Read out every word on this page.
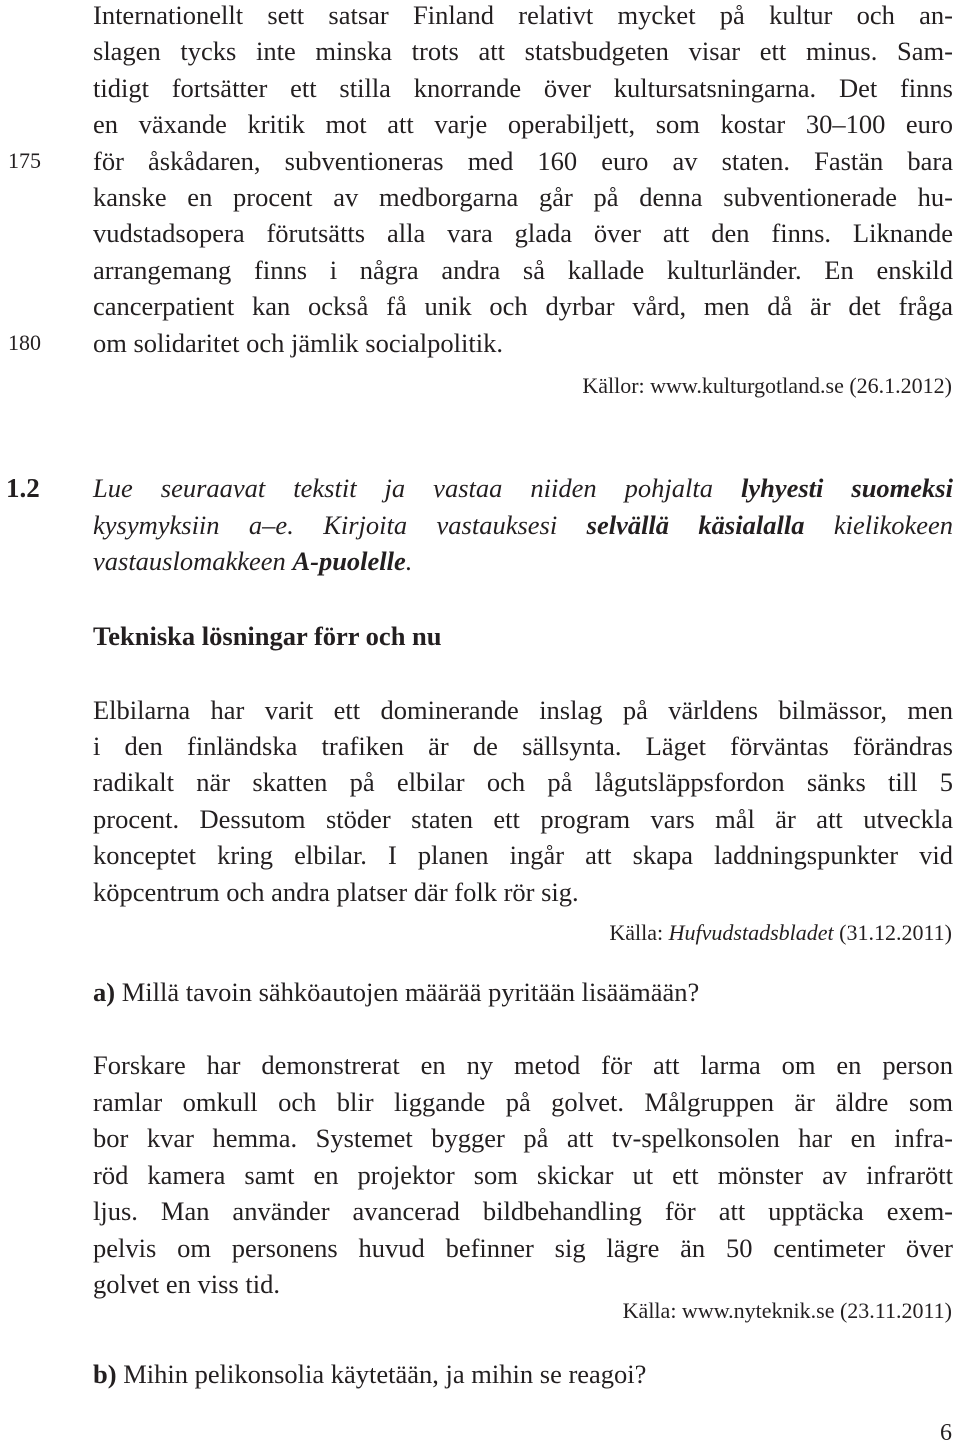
Internationellt sett satsar Finland relativt mycket på kultur och an-
slagen tycks inte minska trots att statsbudgeten visar ett minus. Sam-
tidigt fortsätter ett stilla knorrande över kultursatsningarna. Det finns
en växande kritik mot att varje operabiljett, som kostar 30–100 euro
för åskådaren, subventioneras med 160 euro av staten. Fastän bara
kanske en procent av medborgarna går på denna subventionerade hu-
vudstadsopera förutsätts alla vara glada över att den finns. Liknande
arrangemang finns i några andra så kallade kulturländer. En enskild
cancerpatient kan också få unik och dyrbar vård, men då är det fråga
om solidaritet och jämlik socialpolitik.
175
180
Källor: www.kulturgotland.se (26.1.2012)
1.2 Lue seuraavat tekstit ja vastaa niiden pohjalta lyhyesti suomeksi
kysymyksiin a–e. Kirjoita vastauksesi selvällä käsialalla kielikokeen
vastauslomakkeen A-puolelle.
Tekniska lösningar förr och nu
Elbilarna har varit ett dominerande inslag på världens bilmässor, men
i den finländska trafiken är de sällsynta. Läget förväntas förändras
radikalt när skatten på elbilar och på lågutsläppsfordon sänks till 5
procent. Dessutom stöder staten ett program vars mål är att utveckla
konceptet kring elbilar. I planen ingår att skapa laddningspunkter vid
köpcentrum och andra platser där folk rör sig.
Källa: Hufvudstadsbladet (31.12.2011)
a) Millä tavoin sähköautojen määrää pyritään lisäämään?
Forskare har demonstrerat en ny metod för att larma om en person
ramlar omkull och blir liggande på golvet. Målgruppen är äldre som
bor kvar hemma. Systemet bygger på att tv-spelkonsolen har en infra-
röd kamera samt en projektor som skickar ut ett mönster av infrarött
ljus. Man använder avancerad bildbehandling för att upptäcka exem-
pelvis om personens huvud befinner sig lägre än 50 centimeter över
golvet en viss tid.
Källa: www.nyteknik.se (23.11.2011)
b) Mihin pelikonsolia käytetään, ja mihin se reagoi?
6
